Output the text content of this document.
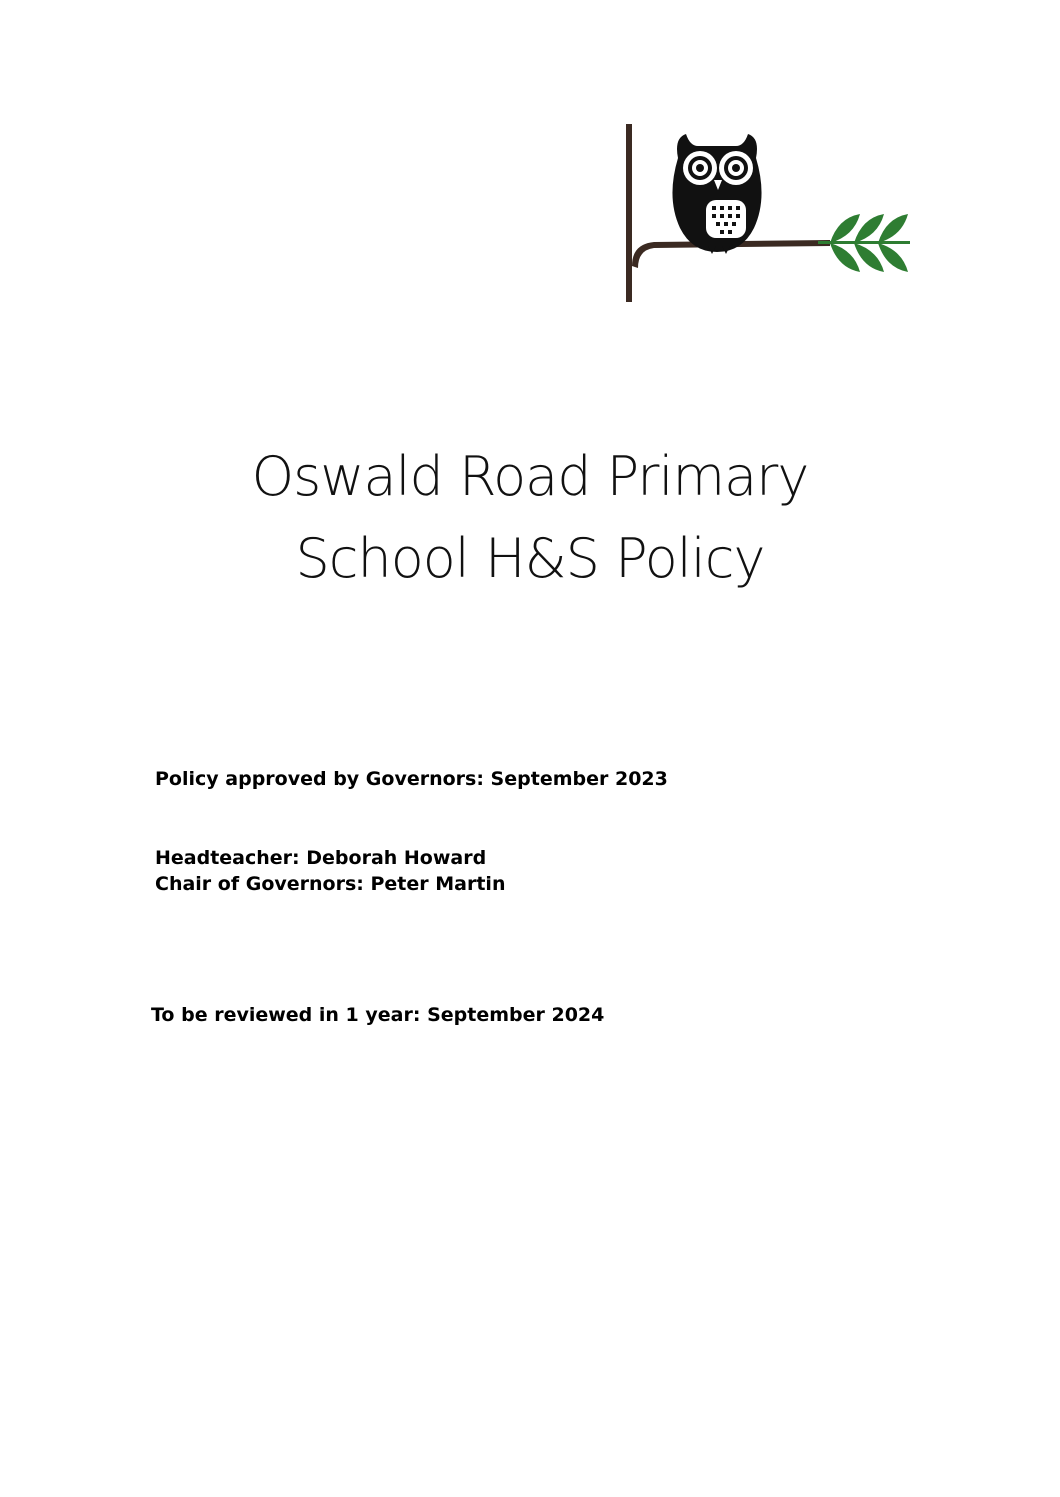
Oswald Road Primary
School H&S Policy
Policy approved by Governors: September 2023
Headteacher: Deborah Howard
Chair of Governors: Peter Martin
To be reviewed in 1 year: September 2024
